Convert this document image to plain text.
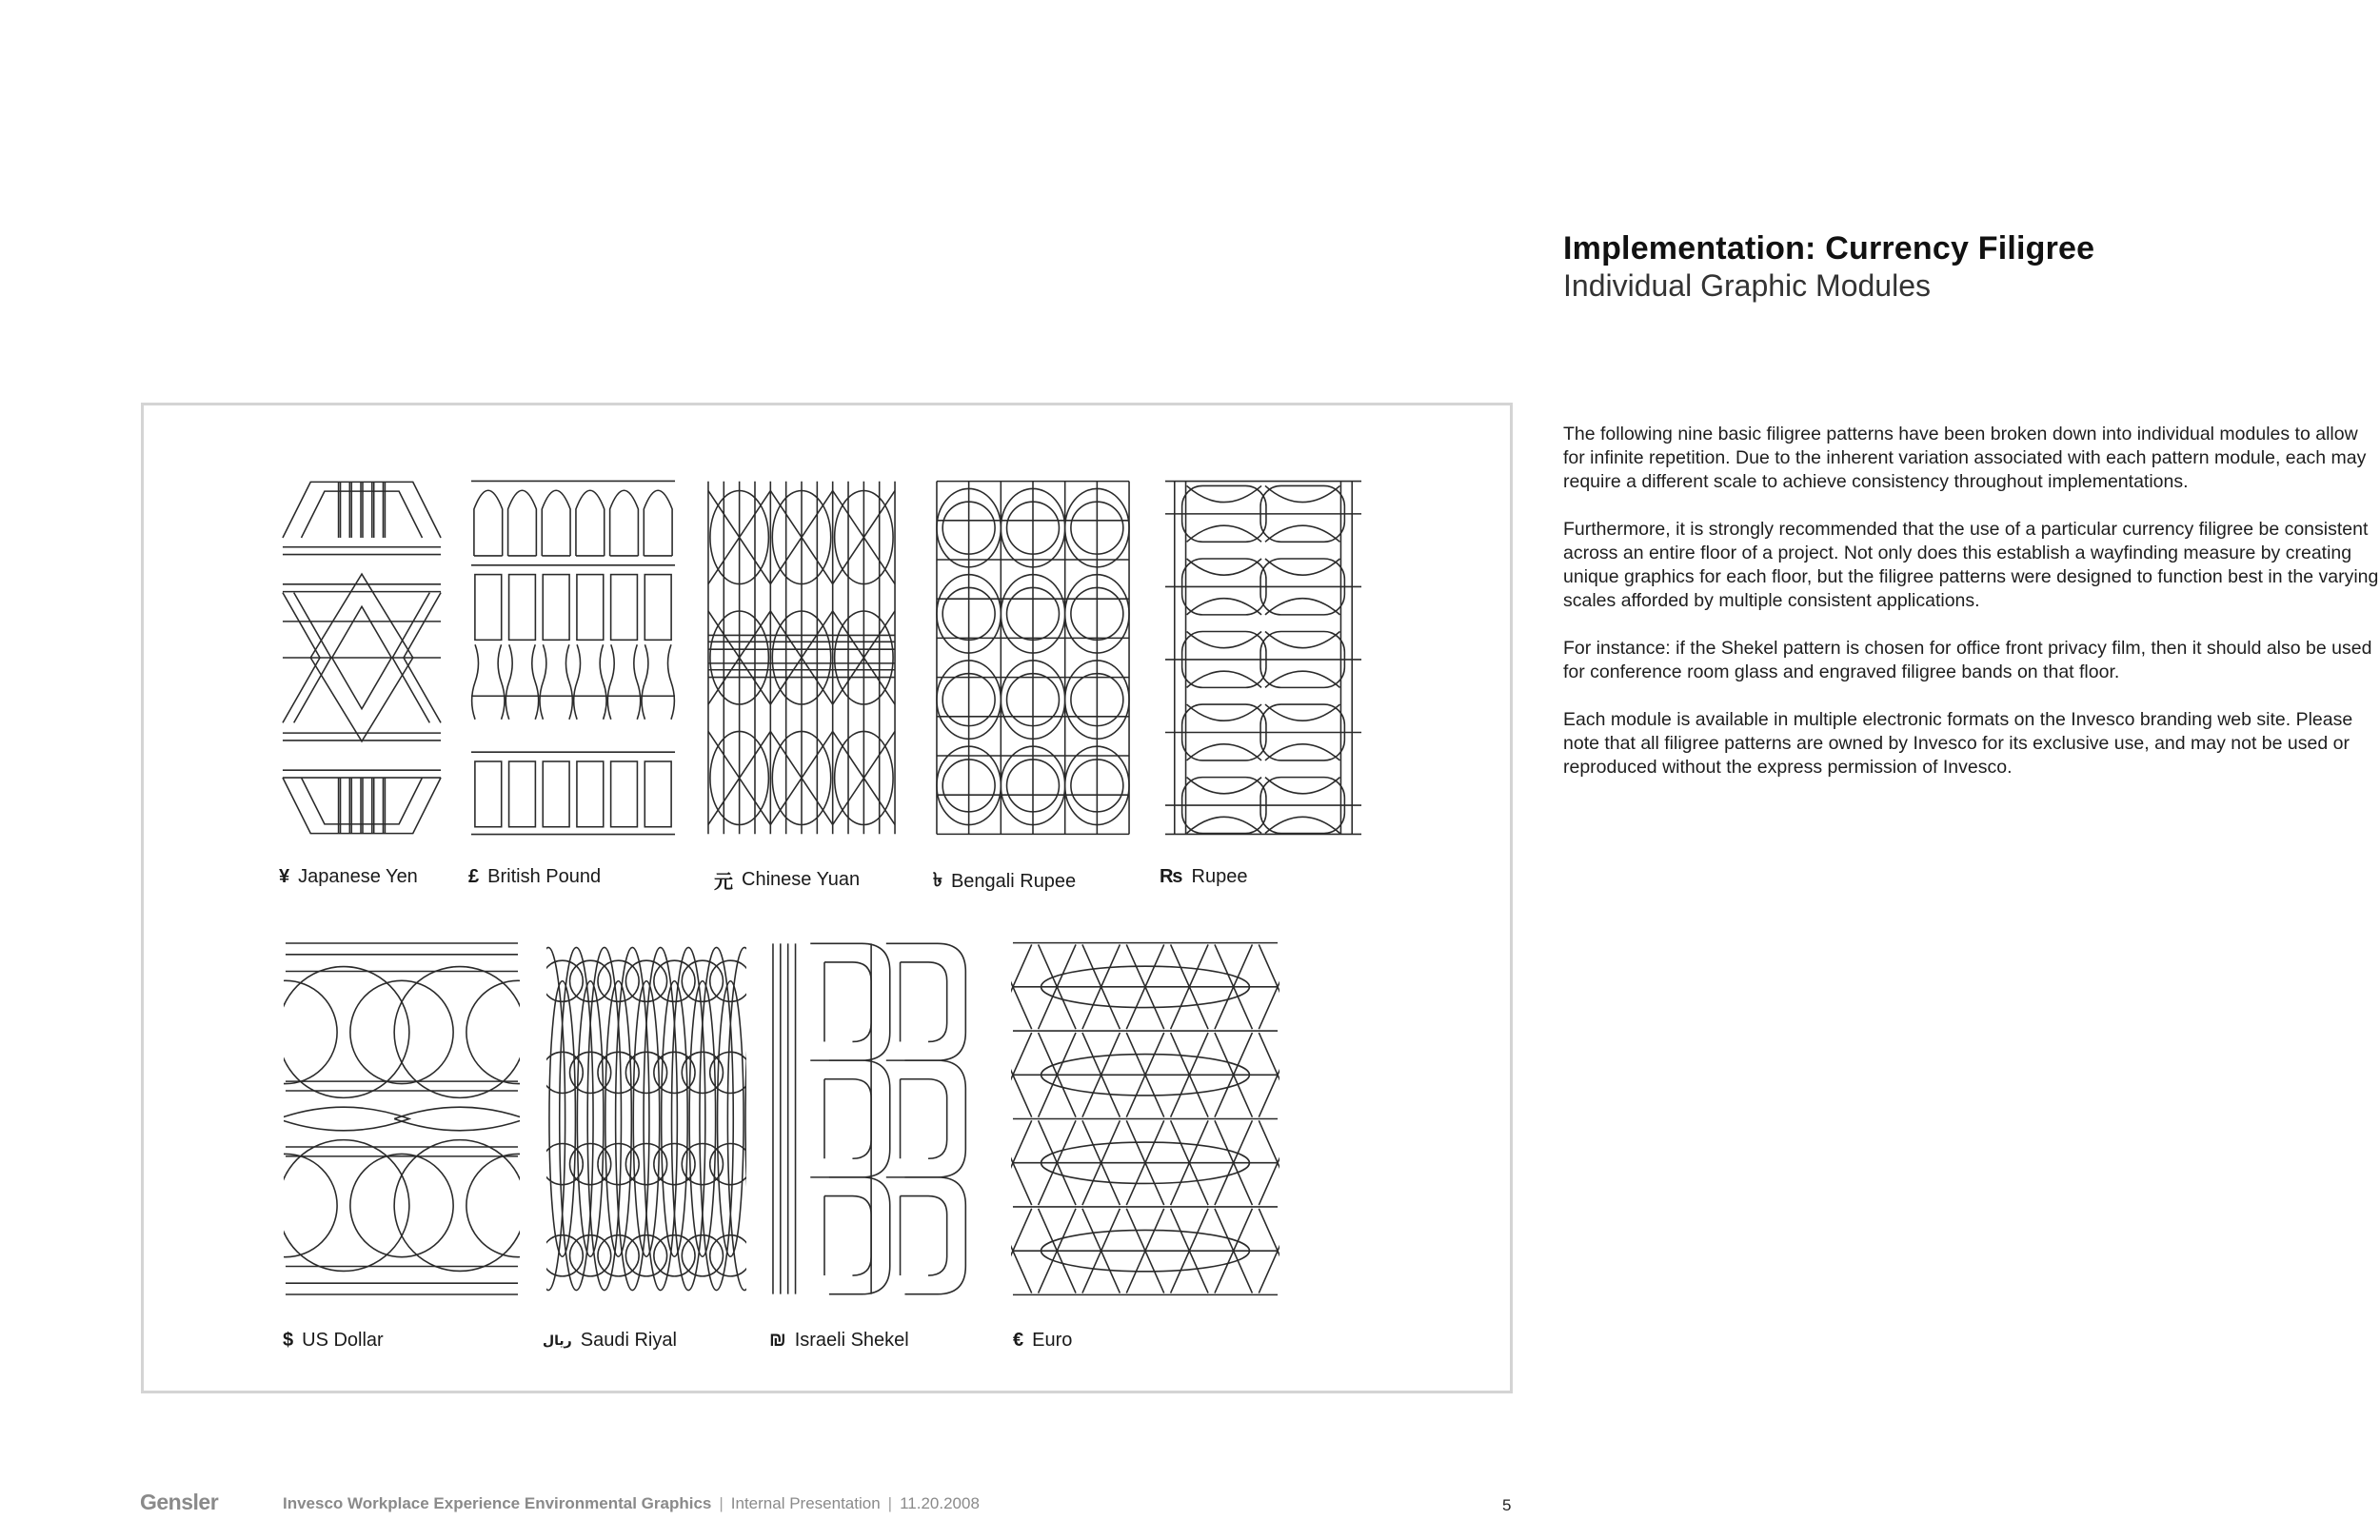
Implementation: Currency Filigree
Individual Graphic Modules

The following nine basic filigree patterns have been broken down into individual modules to allow for infinite repetition. Due to the inherent variation associated with each pattern module, each may require a different scale to achieve consistency throughout implementations.

Furthermore, it is strongly recommended that the use of a particular currency filigree be consistent across an entire floor of a project. Not only does this establish a wayfinding measure by creating unique graphics for each floor, but the filigree patterns were designed to function best in the varying scales afforded by multiple consistent applications.

For instance: if the Shekel pattern is chosen for office front privacy film, then it should also be used for conference room glass and engraved filigree bands on that floor.

Each module is available in multiple electronic formats on the Invesco branding web site. Please note that all filigree patterns are owned by Invesco for its exclusive use, and may not be used or reproduced without the express permission of Invesco.

¥ Japanese Yen	£ British Pound	元 Chinese Yuan	৳ Bengali Rupee	₨ Rupee
$ US Dollar	ريال Saudi Riyal	₪ Israeli Shekel	€ Euro
Gensler	Invesco Workplace Experience Environmental Graphics | Internal Presentation | 11.20.2008	5
